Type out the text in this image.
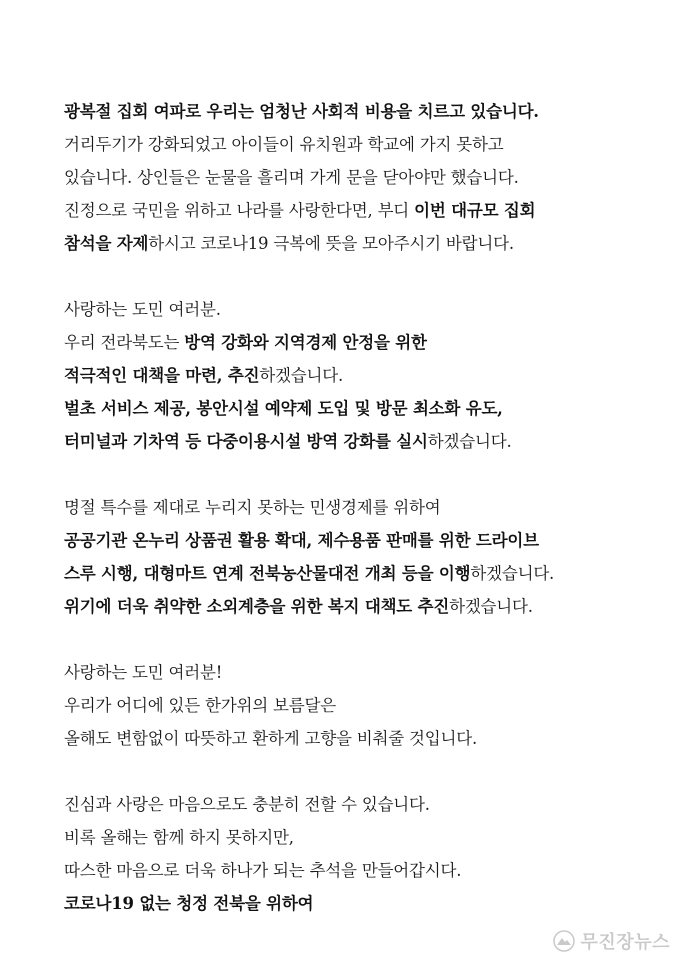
광복절 집회 여파로 우리는 엄청난 사회적 비용을 치르고 있습니다.
거리두기가 강화되었고 아이들이 유치원과 학교에 가지 못하고
있습니다. 상인들은 눈물을 흘리며 가게 문을 닫아야만 했습니다.
진정으로 국민을 위하고 나라를 사랑한다면, 부디 이번 대규모 집회
참석을 자제하시고 코로나19 극복에 뜻을 모아주시기 바랍니다.
사랑하는 도민 여러분.
우리 전라북도는 방역 강화와 지역경제 안정을 위한
적극적인 대책을 마련, 추진하겠습니다.
벌초 서비스 제공, 봉안시설 예약제 도입 및 방문 최소화 유도,
터미널과 기차역 등 다중이용시설 방역 강화를 실시하겠습니다.
명절 특수를 제대로 누리지 못하는 민생경제를 위하여
공공기관 온누리 상품권 활용 확대, 제수용품 판매를 위한 드라이브
스루 시행, 대형마트 연계 전북농산물대전 개최 등을 이행하겠습니다.
위기에 더욱 취약한 소외계층을 위한 복지 대책도 추진하겠습니다.
사랑하는 도민 여러분!
우리가 어디에 있든 한가위의 보름달은
올해도 변함없이 따뜻하고 환하게 고향을 비춰줄 것입니다.
진심과 사랑은 마음으로도 충분히 전할 수 있습니다.
비록 올해는 함께 하지 못하지만,
따스한 마음으로 더욱 하나가 되는 추석을 만들어갑시다.
코로나19 없는 청정 전북을 위하여
무진장뉴스
